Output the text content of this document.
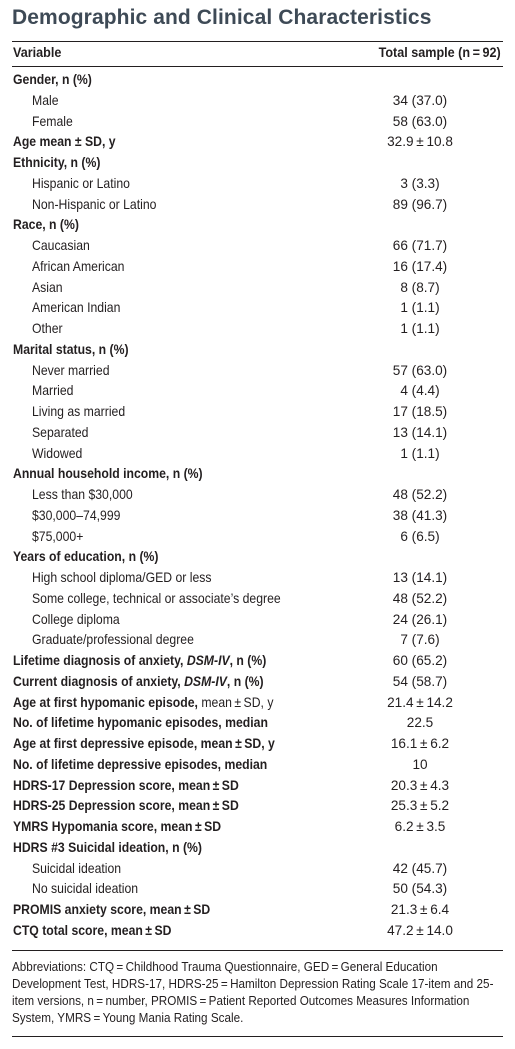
Demographic and Clinical Characteristics
Variable	Total sample (n = 92)
Gender, n (%)
Male	34 (37.0)
Female	58 (63.0)
Age mean ± SD, y	32.9 ± 10.8
Ethnicity, n (%)
Hispanic or Latino	3 (3.3)
Non-Hispanic or Latino	89 (96.7)
Race, n (%)
Caucasian	66 (71.7)
African American	16 (17.4)
Asian	8 (8.7)
American Indian	1 (1.1)
Other	1 (1.1)
Marital status, n (%)
Never married	57 (63.0)
Married	4 (4.4)
Living as married	17 (18.5)
Separated	13 (14.1)
Widowed	1 (1.1)
Annual household income, n (%)
Less than $30,000	48 (52.2)
$30,000–74,999	38 (41.3)
$75,000+	6 (6.5)
Years of education, n (%)
High school diploma/GED or less	13 (14.1)
Some college, technical or associate’s degree	48 (52.2)
College diploma	24 (26.1)
Graduate/professional degree	7 (7.6)
Lifetime diagnosis of anxiety, DSM-IV, n (%)	60 (65.2)
Current diagnosis of anxiety, DSM-IV, n (%)	54 (58.7)
Age at first hypomanic episode, mean ± SD, y	21.4 ± 14.2
No. of lifetime hypomanic episodes, median	22.5
Age at first depressive episode, mean ± SD, y	16.1 ± 6.2
No. of lifetime depressive episodes, median	10
HDRS-17 Depression score, mean ± SD	20.3 ± 4.3
HDRS-25 Depression score, mean ± SD	25.3 ± 5.2
YMRS Hypomania score, mean ± SD	6.2 ± 3.5
HDRS #3 Suicidal ideation, n (%)
Suicidal ideation	42 (45.7)
No suicidal ideation	50 (54.3)
PROMIS anxiety score, mean ± SD	21.3 ± 6.4
CTQ total score, mean ± SD	47.2 ± 14.0
Abbreviations: CTQ = Childhood Trauma Questionnaire, GED = General Education Development Test, HDRS-17, HDRS-25 = Hamilton Depression Rating Scale 17-item and 25-item versions, n = number, PROMIS = Patient Reported Outcomes Measures Information System, YMRS = Young Mania Rating Scale.
